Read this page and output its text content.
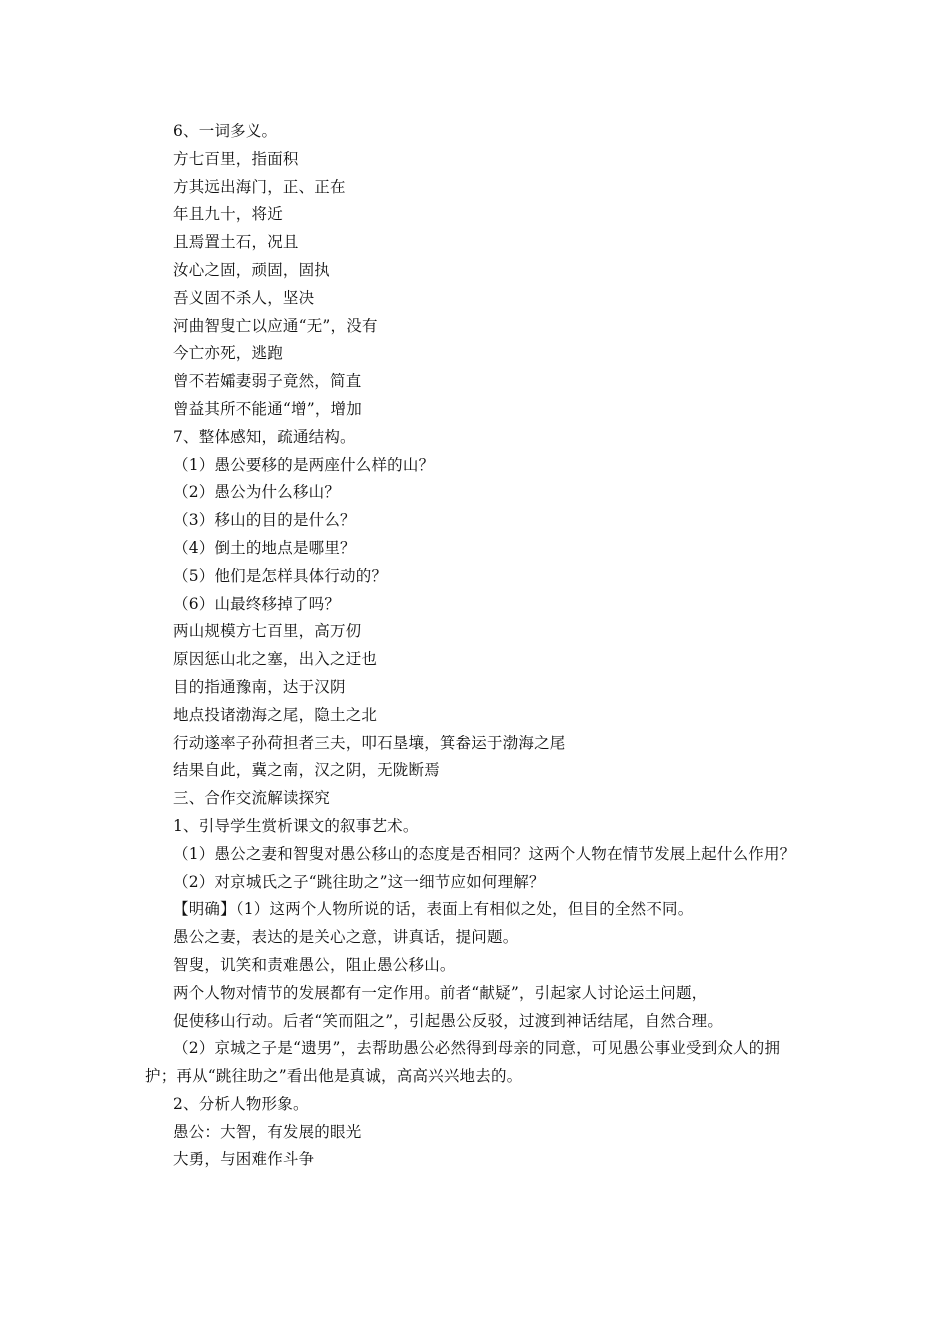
6、一词多义。
方七百里，指面积
方其远出海门，正、正在
年且九十，将近
且焉置土石，况且
汝心之固，顽固，固执
吾义固不杀人，坚决
河曲智叟亡以应通“无”，没有
今亡亦死，逃跑
曾不若孀妻弱子竟然，简直
曾益其所不能通“增”，增加
7、整体感知，疏通结构。
（1）愚公要移的是两座什么样的山？
（2）愚公为什么移山？
（3）移山的目的是什么？
（4）倒土的地点是哪里？
（5）他们是怎样具体行动的？
（6）山最终移掉了吗？
两山规模方七百里，高万仞
原因惩山北之塞，出入之迂也
目的指通豫南，达于汉阴
地点投诸渤海之尾，隐土之北
行动遂率子孙荷担者三夫，叩石垦壤，箕畚运于渤海之尾
结果自此，冀之南，汉之阴，无陇断焉
三、合作交流解读探究
1、引导学生赏析课文的叙事艺术。
（1）愚公之妻和智叟对愚公移山的态度是否相同？这两个人物在情节发展上起什么作用？
（2）对京城氏之子“跳往助之”这一细节应如何理解？
【明确】（1）这两个人物所说的话，表面上有相似之处，但目的全然不同。
愚公之妻，表达的是关心之意，讲真话，提问题。
智叟，讥笑和责难愚公，阻止愚公移山。
两个人物对情节的发展都有一定作用。前者“献疑”，引起家人讨论运土问题，
促使移山行动。后者“笑而阻之”，引起愚公反驳，过渡到神话结尾，自然合理。
（2）京城之子是“遗男”，去帮助愚公必然得到母亲的同意，可见愚公事业受到众人的拥护；再从“跳往助之”看出他是真诚，高高兴兴地去的。
2、分析人物形象。
愚公：大智，有发展的眼光
大勇，与困难作斗争
